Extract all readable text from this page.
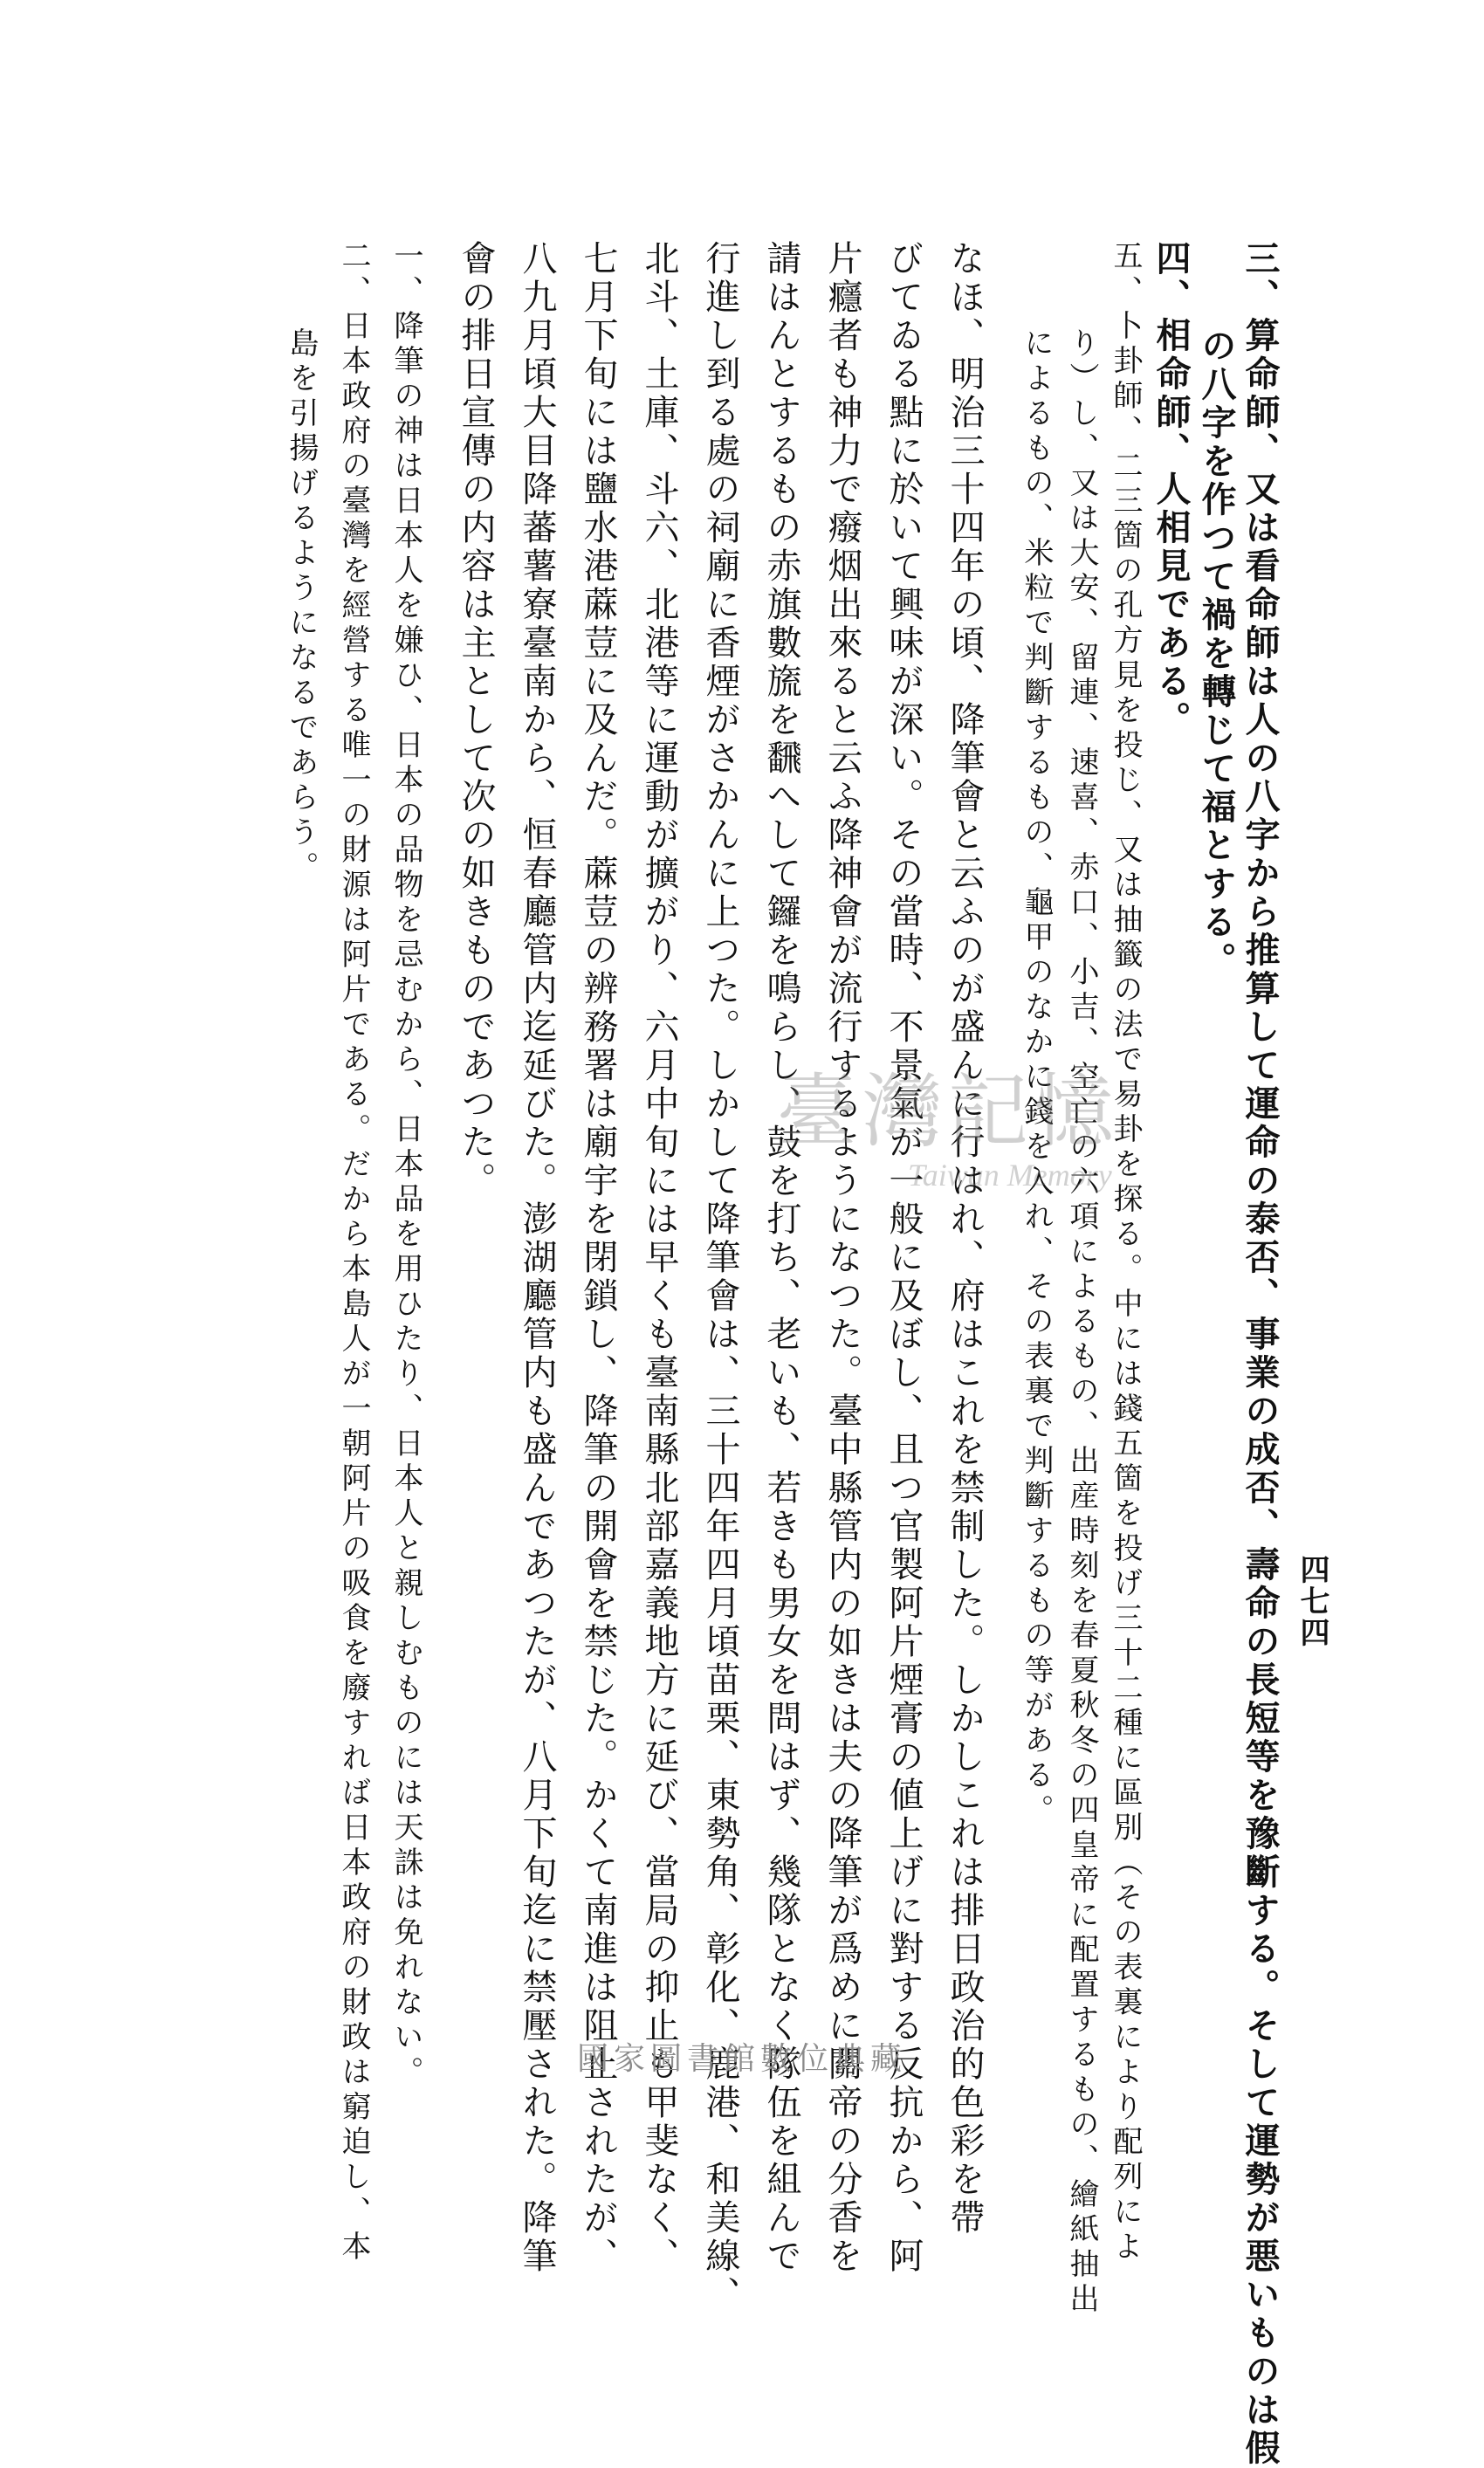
四七四
三、算命師、又は看命師は人の八字から推算して運命の泰否、事業の成否、壽命の長短等を豫斷する。そして運勢が悪いものは假
の八字を作つて禍を轉じて福とする。
四、相命師、人相見である。
五、卜卦師、二三箇の孔方見を投じ、又は抽籤の法で易卦を探る。中には錢五箇を投げ三十二種に區別（その表裏により配列によ
り）し、又は大安、留連、速喜、赤口、小吉、空亡の六項によるもの、出産時刻を春夏秋冬の四皇帝に配置するもの、繪紙抽出
によるもの、米粒で判斷するもの、龜甲のなかに錢を入れ、その表裏で判斷するもの等がある。
なほ、明治三十四年の頃、降筆會と云ふのが盛んに行はれ、府はこれを禁制した。しかしこれは排日政治的色彩を帶
びてゐる點に於いて興味が深い。その當時、不景氣が一般に及ぼし、且つ官製阿片煙膏の値上げに對する反抗から、阿
片癮者も神力で癈烟出來ると云ふ降神會が流行するようになつた。臺中縣管内の如きは夫の降筆が爲めに關帝の分香を
請はんとするもの赤旗數旒を飜へして鑼を鳴らし、鼓を打ち、老いも、若きも男女を問はず、幾隊となく隊伍を組んで
行進し到る處の祠廟に香煙がさかんに上つた。しかして降筆會は、三十四年四月頃苗栗、東勢角、彰化、鹿港、和美線、
北斗、土庫、斗六、北港等に運動が擴がり、六月中旬には早くも臺南縣北部嘉義地方に延び、當局の抑止も甲斐なく、
七月下旬には鹽水港蔴荳に及んだ。蔴荳の辨務署は廟宇を閉鎖し、降筆の開會を禁じた。かくて南進は阻止されたが、
八九月頃大目降蕃薯寮臺南から、恒春廳管内迄延びた。澎湖廳管内も盛んであつたが、八月下旬迄に禁壓された。降筆
會の排日宣傳の内容は主として次の如きものであつた。
一、降筆の神は日本人を嫌ひ、日本の品物を忌むから、日本品を用ひたり、日本人と親しむものには天誅は免れない。
二、日本政府の臺灣を經營する唯一の財源は阿片である。だから本島人が一朝阿片の吸食を廢すれば日本政府の財政は窮迫し、本
島を引揚げるようになるであらう。
臺灣記憶
Taiwan Memory
國家圖書館數位典藏
